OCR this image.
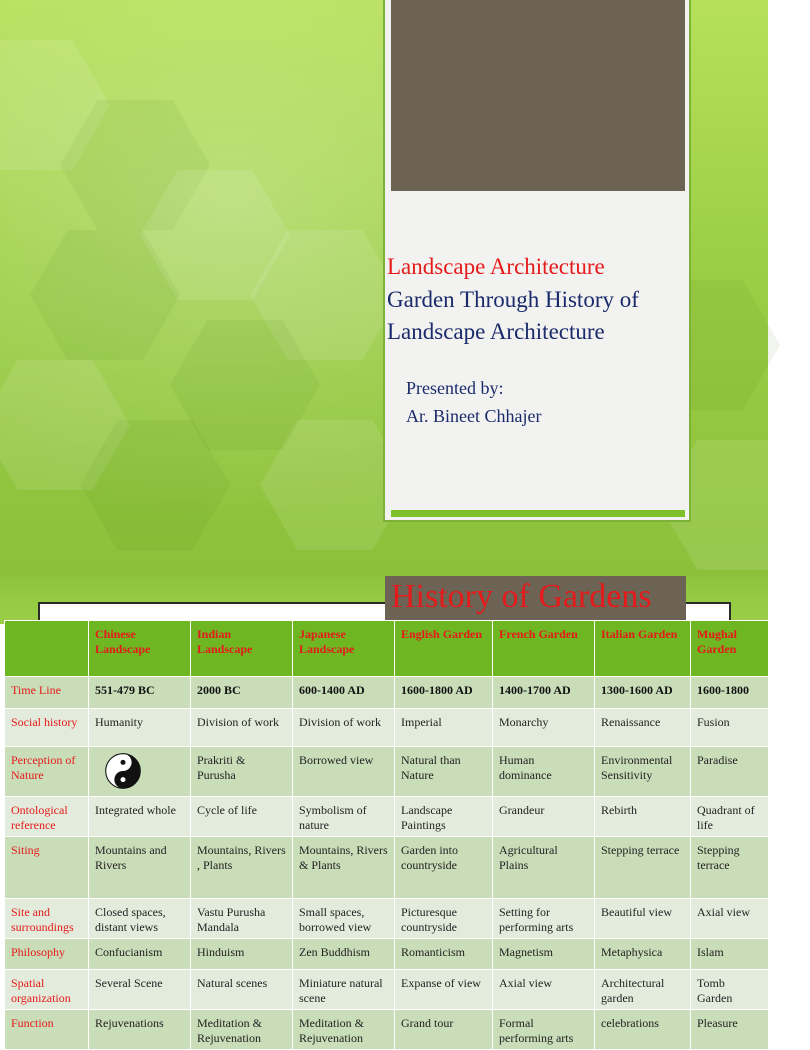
Landscape Architecture
Garden Through History of Landscape Architecture
Presented by:
Ar. Bineet Chhajer
History of Gardens
	Chinese Landscape	Indian Landscape	Japanese Landscape	English Garden	French Garden	Italian Garden	Mughal Garden
Time Line	551-479 BC	2000 BC	600-1400 AD	1600-1800 AD	1400-1700 AD	1300-1600 AD	1600-1800
Social history	Humanity	Division of work	Division of work	Imperial	Monarchy	Renaissance	Fusion
Perception of Nature		Prakriti & Purusha	Borrowed view	Natural than Nature	Human dominance	Environmental Sensitivity	Paradise
Ontological reference	Integrated whole	Cycle of life	Symbolism of nature	Landscape Paintings	Grandeur	Rebirth	Quadrant of life
Siting	Mountains and Rivers	Mountains, Rivers , Plants	Mountains, Rivers & Plants	Garden into countryside	Agricultural Plains	Stepping terrace	Stepping terrace
Site and surroundings	Closed spaces, distant views	Vastu Purusha Mandala	Small spaces, borrowed view	Picturesque countryside	Setting for performing arts	Beautiful view	Axial view
Philosophy	Confucianism	Hinduism	Zen Buddhism	Romanticism	Magnetism	Metaphysica	Islam
Spatial organization	Several Scene	Natural scenes	Miniature natural scene	Expanse of view	Axial view	Architectural garden	Tomb Garden
Function	Rejuvenations	Meditation & Rejuvenation	Meditation & Rejuvenation	Grand tour	Formal performing arts	celebrations	Pleasure
